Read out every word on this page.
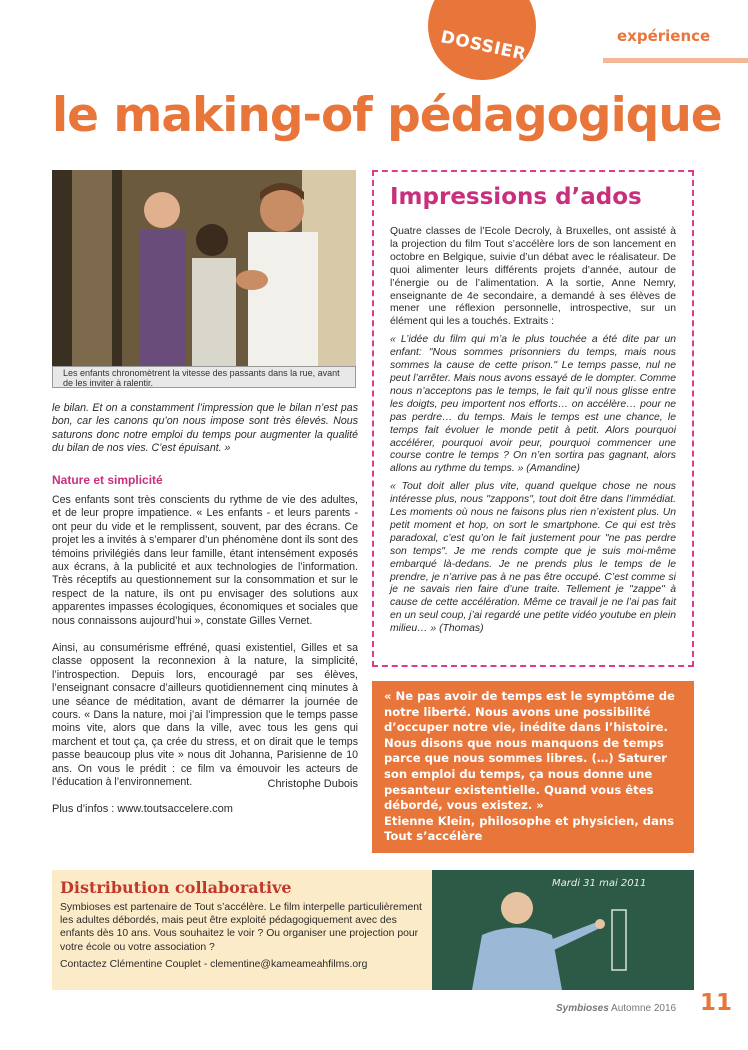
DOSSIER	expérience
le making-of pédagogique
Les enfants chronomètrent la vitesse des passants dans la rue, avant de les inviter à ralentir.

le bilan. Et on a constamment l’impression que le bilan n’est pas bon, car les canons qu’on nous impose sont très élevés. Nous saturons donc notre emploi du temps pour augmenter la qualité du bilan de nos vies. C’est épuisant. »

Nature et simplicité

Ces enfants sont très conscients du rythme de vie des adultes, et de leur propre impatience. « Les enfants - et leurs parents - ont peur du vide et le remplissent, souvent, par des écrans. Ce projet les a invités à s’emparer d’un phénomène dont ils sont des témoins privilégiés dans leur famille, étant intensément exposés aux écrans, à la publicité et aux technologies de l’information. Très réceptifs au questionnement sur la consommation et sur le respect de la nature, ils ont pu envisager des solutions aux apparentes impasses écologiques, économiques et sociales que nous connaissons aujourd’hui », constate Gilles Vernet.

Ainsi, au consumérisme effréné, quasi existentiel, Gilles et sa classe opposent la reconnexion à la nature, la simplicité, l’introspection. Depuis lors, encouragé par ses élèves, l’enseignant consacre d’ailleurs quotidiennement cinq minutes à une séance de méditation, avant de démarrer la journée de cours. « Dans la nature, moi j’ai l’impression que le temps passe moins vite, alors que dans la ville, avec tous les gens qui marchent et tout ça, ça crée du stress, et on dirait que le temps passe beaucoup plus vite » nous dit Johanna, Parisienne de 10 ans. On vous le prédit : ce film va émouvoir les acteurs de l’éducation à l’environnement.	Christophe Dubois
Plus d’infos : www.toutsaccelere.com
Impressions d’ados

Quatre classes de l’Ecole Decroly, à Bruxelles, ont assisté à la projection du film Tout s’accélère lors de son lancement en octobre en Belgique, suivie d’un débat avec le réalisateur. De quoi alimenter leurs différents projets d’année, autour de l’énergie ou de l’alimentation. A la sortie, Anne Nemry, enseignante de 4e secondaire, a demandé à ses élèves de mener une réflexion personnelle, introspective, sur un élément qui les a touchés. Extraits :

« L’idée du film qui m’a le plus touchée a été dite par un enfant: "Nous sommes prisonniers du temps, mais nous sommes la cause de cette prison." Le temps passe, nul ne peut l’arrêter. Mais nous avons essayé de le dompter. Comme nous n’acceptons pas le temps, le fait qu’il nous glisse entre les doigts, peu importent nos efforts… on accélère… pour ne pas perdre… du temps. Mais le temps est une chance, le temps fait évoluer le monde petit à petit. Alors pourquoi accélérer, pourquoi avoir peur, pourquoi commencer une course contre le temps ? On n’en sortira pas gagnant, alors allons au rythme du temps. » (Amandine)

« Tout doit aller plus vite, quand quelque chose ne nous intéresse plus, nous "zappons", tout doit être dans l’immédiat. Les moments où nous ne faisons plus rien n’existent plus. Un petit moment et hop, on sort le smartphone. Ce qui est très paradoxal, c’est qu’on le fait justement pour "ne pas perdre son temps". Je me rends compte que je suis moi-même embarqué là-dedans. Je ne prends plus le temps de le prendre, je n’arrive pas à ne pas être occupé. C’est comme si je ne savais rien faire d’une traite. Tellement je "zappe" à cause de cette accélération. Même ce travail je ne l’ai pas fait en un seul coup, j’ai regardé une petite vidéo youtube en plein milieu… » (Thomas)

« Ne pas avoir de temps est le symptôme de notre liberté. Nous avons une possibilité d’occuper notre vie, inédite dans l’histoire. Nous disons que nous manquons de temps parce que nous sommes libres. (…) Saturer son emploi du temps, ça nous donne une pesanteur existentielle. Quand vous êtes débordé, vous existez. »
Etienne Klein, philosophe et physicien, dans Tout s’accélère
Distribution collaborative

Symbioses est partenaire de Tout s’accélère. Le film interpelle particulièrement les adultes débordés, mais peut être exploité pédagogiquement avec des enfants dès 10 ans. Vous souhaitez le voir ? Ou organiser une projection pour votre école ou votre association ?

Contactez Clémentine Couplet - clementine@kameameahfilms.org

Mardi 31 mai 2011
Symbioses Automne 2016 11
